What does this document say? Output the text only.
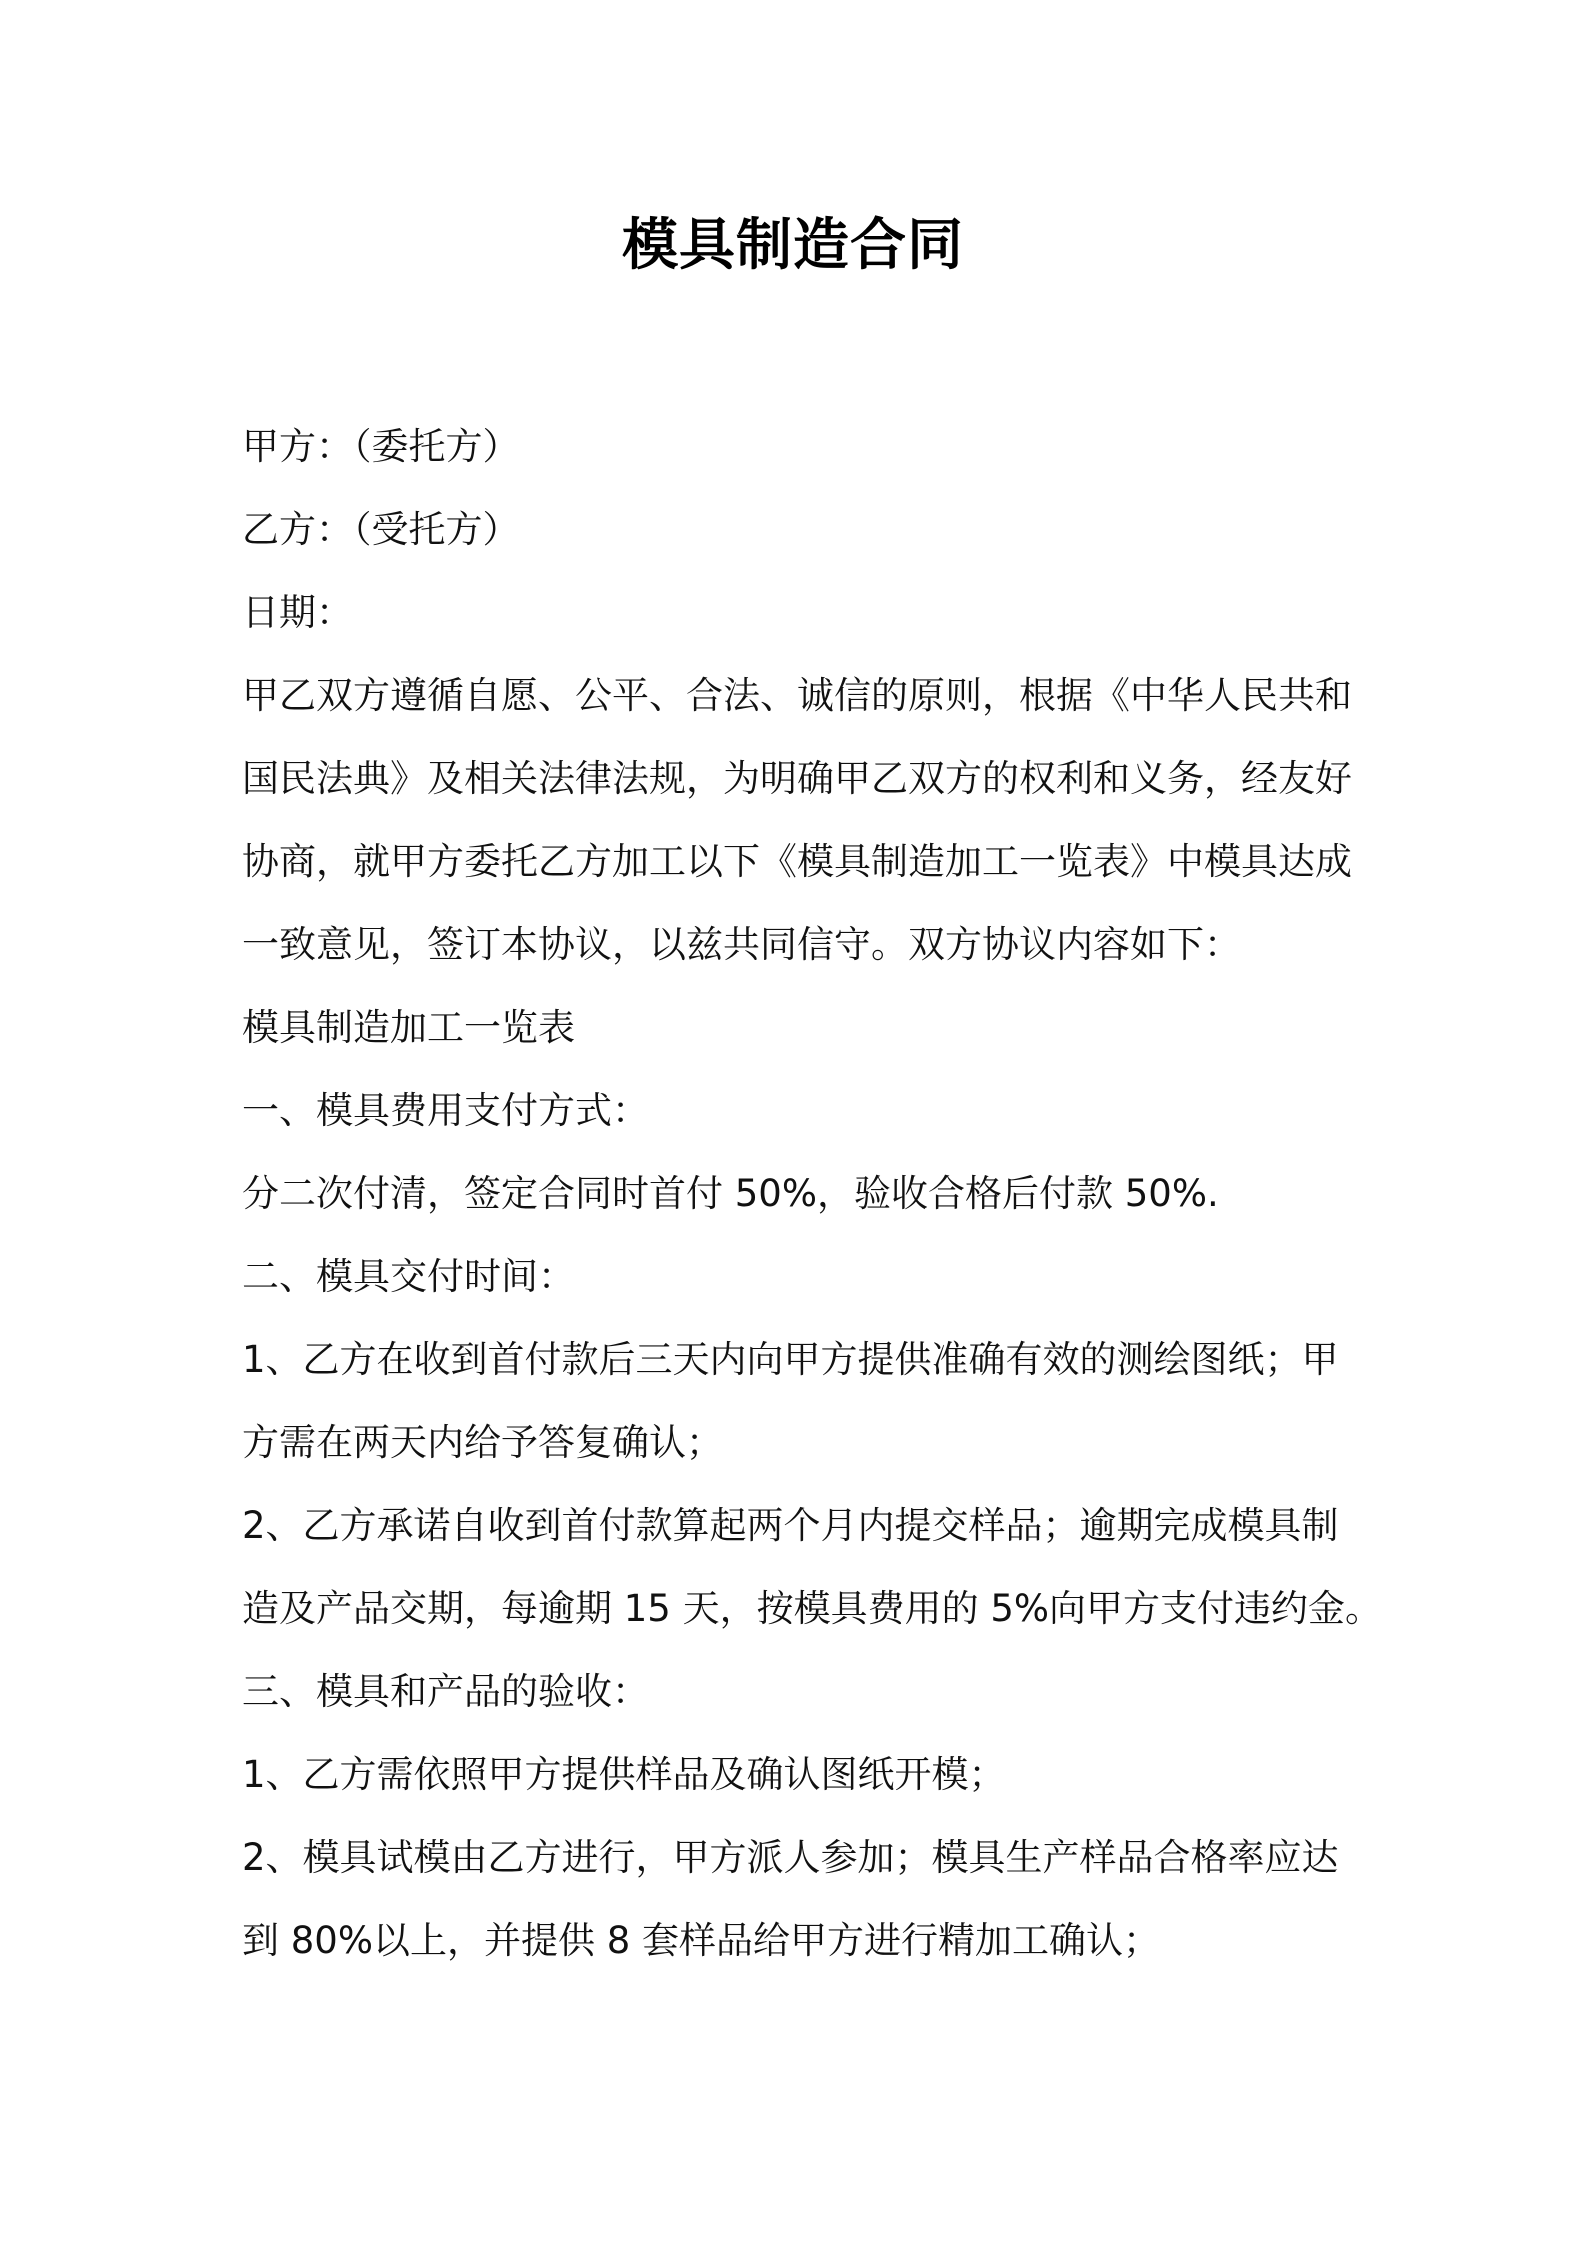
模具制造合同
甲方：（委托方）
乙方：（受托方）
日期：
甲乙双方遵循自愿、公平、合法、诚信的原则，根据《中华人民共和
国民法典》及相关法律法规，为明确甲乙双方的权利和义务，经友好
协商，就甲方委托乙方加工以下《模具制造加工一览表》中模具达成
一致意见，签订本协议，以兹共同信守。双方协议内容如下：
模具制造加工一览表
一、模具费用支付方式：
分二次付清，签定合同时首付 50%，验收合格后付款 50%.
二、模具交付时间：
1、乙方在收到首付款后三天内向甲方提供准确有效的测绘图纸；甲
方需在两天内给予答复确认；
2、乙方承诺自收到首付款算起两个月内提交样品；逾期完成模具制
造及产品交期，每逾期 15 天，按模具费用的 5%向甲方支付违约金。
三、模具和产品的验收：
1、乙方需依照甲方提供样品及确认图纸开模；
2、模具试模由乙方进行，甲方派人参加；模具生产样品合格率应达
到 80%以上，并提供 8 套样品给甲方进行精加工确认；
